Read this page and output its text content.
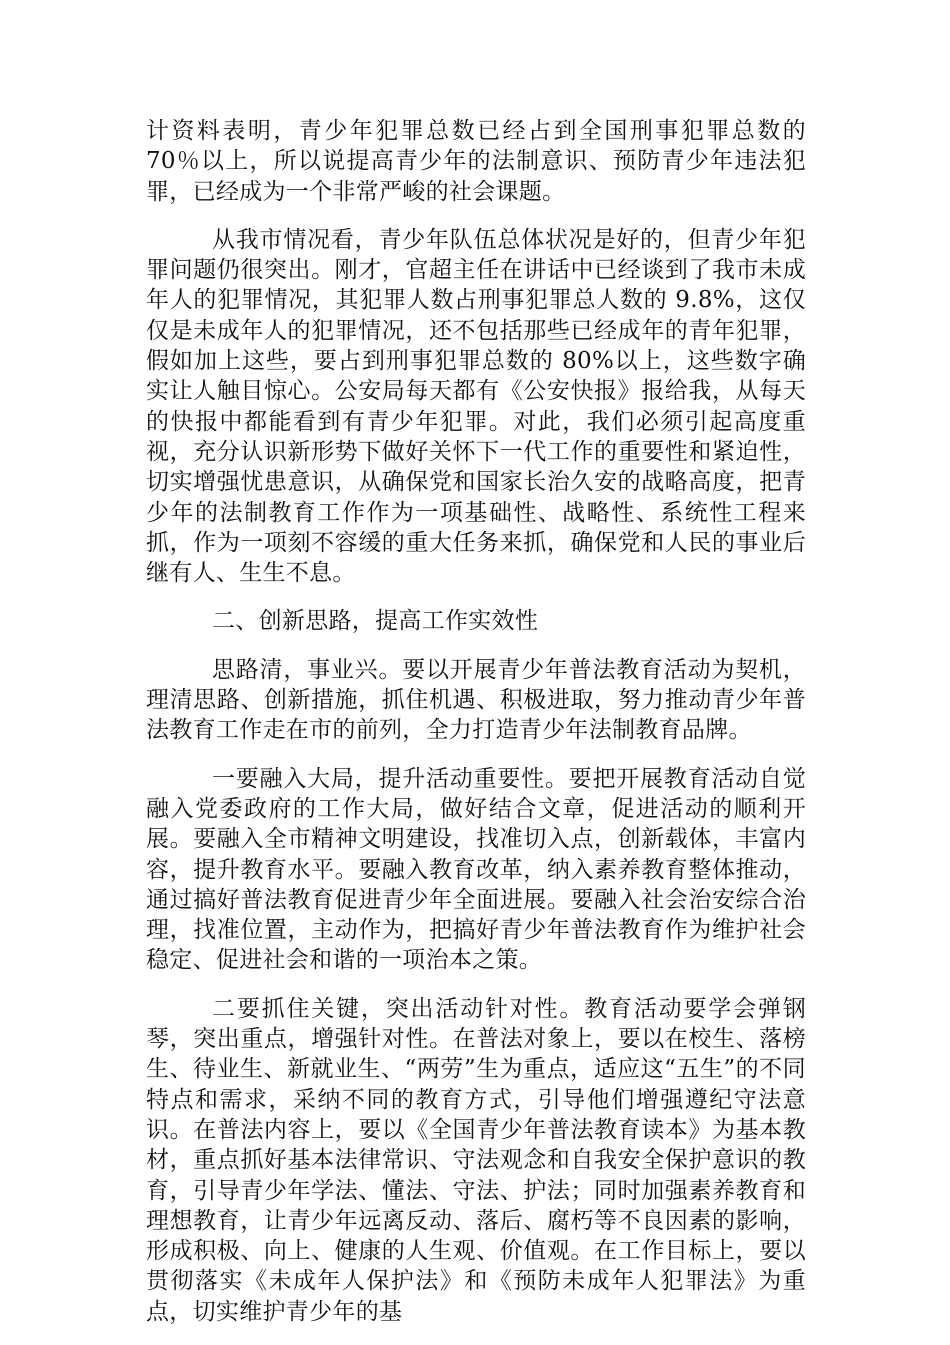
计资料表明，青少年犯罪总数已经占到全国刑事犯罪总数的 70％以上，所以说提高青少年的法制意识、预防青少年违法犯罪，已经成为一个非常严峻的社会课题。

从我市情况看，青少年队伍总体状况是好的，但青少年犯罪问题仍很突出。刚才，官超主任在讲话中已经谈到了我市未成年人的犯罪情况，其犯罪人数占刑事犯罪总人数的 9.8%，这仅仅是未成年人的犯罪情况，还不包括那些已经成年的青年犯罪，假如加上这些，要占到刑事犯罪总数的 80%以上，这些数字确实让人触目惊心。公安局每天都有《公安快报》报给我，从每天的快报中都能看到有青少年犯罪。对此，我们必须引起高度重视，充分认识新形势下做好关怀下一代工作的重要性和紧迫性，切实增强忧患意识，从确保党和国家长治久安的战略高度，把青少年的法制教育工作作为一项基础性、战略性、系统性工程来抓，作为一项刻不容缓的重大任务来抓，确保党和人民的事业后继有人、生生不息。

二、创新思路，提高工作实效性

思路清，事业兴。要以开展青少年普法教育活动为契机，理清思路、创新措施，抓住机遇、积极进取，努力推动青少年普法教育工作走在市的前列，全力打造青少年法制教育品牌。

一要融入大局，提升活动重要性。要把开展教育活动自觉融入党委政府的工作大局，做好结合文章，促进活动的顺利开展。要融入全市精神文明建设，找准切入点，创新载体，丰富内容，提升教育水平。要融入教育改革，纳入素养教育整体推动，通过搞好普法教育促进青少年全面进展。要融入社会治安综合治理，找准位置，主动作为，把搞好青少年普法教育作为维护社会稳定、促进社会和谐的一项治本之策。

二要抓住关键，突出活动针对性。教育活动要学会弹钢琴，突出重点，增强针对性。在普法对象上，要以在校生、落榜生、待业生、新就业生、“两劳”生为重点，适应这“五生”的不同特点和需求，采纳不同的教育方式，引导他们增强遵纪守法意识。在普法内容上，要以《全国青少年普法教育读本》为基本教材，重点抓好基本法律常识、守法观念和自我安全保护意识的教育，引导青少年学法、懂法、守法、护法；同时加强素养教育和理想教育，让青少年远离反动、落后、腐朽等不良因素的影响，形成积极、向上、健康的人生观、价值观。在工作目标上，要以贯彻落实《未成年人保护法》和《预防未成年人犯罪法》为重点，切实维护青少年的基
